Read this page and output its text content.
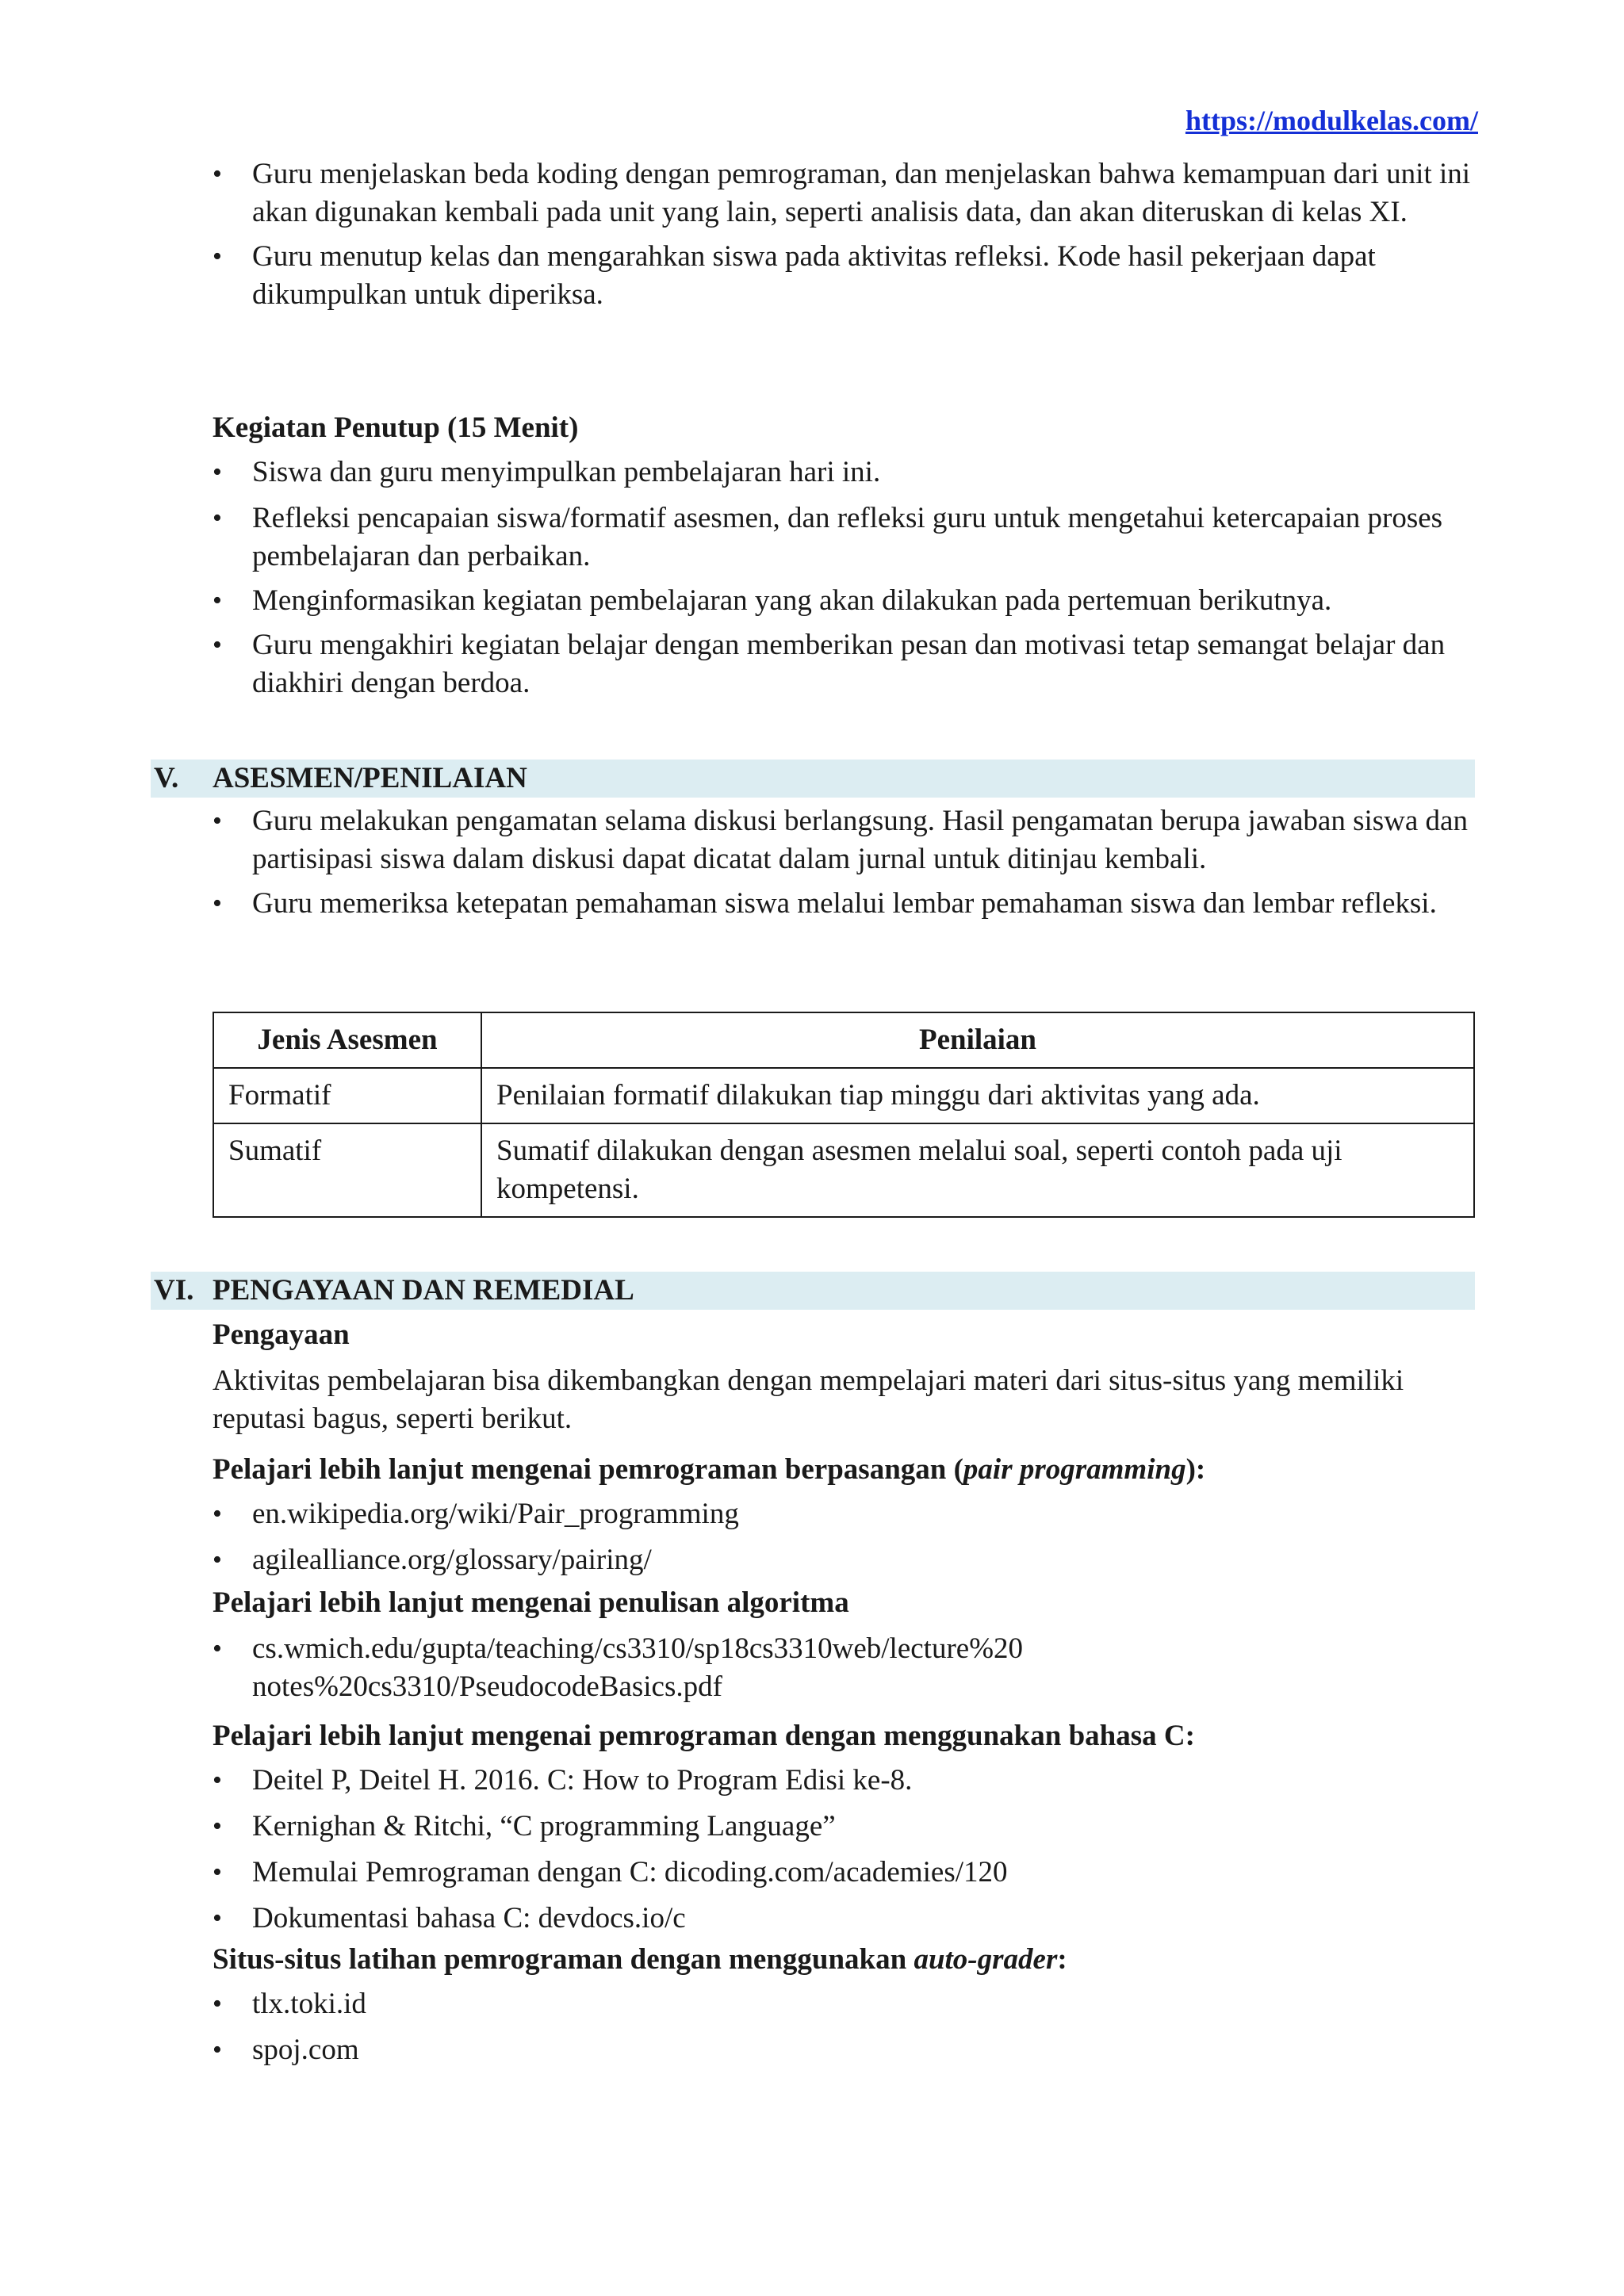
https://modulkelas.com/
• Guru menjelaskan beda koding dengan pemrograman, dan menjelaskan bahwa kemampuan dari unit ini akan digunakan kembali pada unit yang lain, seperti analisis data, dan akan diteruskan di kelas XI.
• Guru menutup kelas dan mengarahkan siswa pada aktivitas refleksi. Kode hasil pekerjaan dapat dikumpulkan untuk diperiksa.
Kegiatan Penutup (15 Menit)
• Siswa dan guru menyimpulkan pembelajaran hari ini.
• Refleksi pencapaian siswa/formatif asesmen, dan refleksi guru untuk mengetahui ketercapaian proses pembelajaran dan perbaikan.
• Menginformasikan kegiatan pembelajaran yang akan dilakukan pada pertemuan berikutnya.
• Guru mengakhiri kegiatan belajar dengan memberikan pesan dan motivasi tetap semangat belajar dan diakhiri dengan berdoa.
V. ASESMEN/PENILAIAN
• Guru melakukan pengamatan selama diskusi berlangsung. Hasil pengamatan berupa jawaban siswa dan partisipasi siswa dalam diskusi dapat dicatat dalam jurnal untuk ditinjau kembali.
• Guru memeriksa ketepatan pemahaman siswa melalui lembar pemahaman siswa dan lembar refleksi.
Jenis Asesmen	Penilaian
Formatif	Penilaian formatif dilakukan tiap minggu dari aktivitas yang ada.
Sumatif	Sumatif dilakukan dengan asesmen melalui soal, seperti contoh pada uji kompetensi.
VI. PENGAYAAN DAN REMEDIAL
Pengayaan
Aktivitas pembelajaran bisa dikembangkan dengan mempelajari materi dari situs-situs yang memiliki reputasi bagus, seperti berikut.
Pelajari lebih lanjut mengenai pemrograman berpasangan (pair programming):
• en.wikipedia.org/wiki/Pair_programming
• agilealliance.org/glossary/pairing/
Pelajari lebih lanjut mengenai penulisan algoritma
• cs.wmich.edu/gupta/teaching/cs3310/sp18cs3310web/lecture%20 notes%20cs3310/PseudocodeBasics.pdf
Pelajari lebih lanjut mengenai pemrograman dengan menggunakan bahasa C:
• Deitel P, Deitel H. 2016. C: How to Program Edisi ke-8.
• Kernighan & Ritchi, “C programming Language”
• Memulai Pemrograman dengan C: dicoding.com/academies/120
• Dokumentasi bahasa C: devdocs.io/c
Situs-situs latihan pemrograman dengan menggunakan auto-grader:
• tlx.toki.id
• spoj.com
